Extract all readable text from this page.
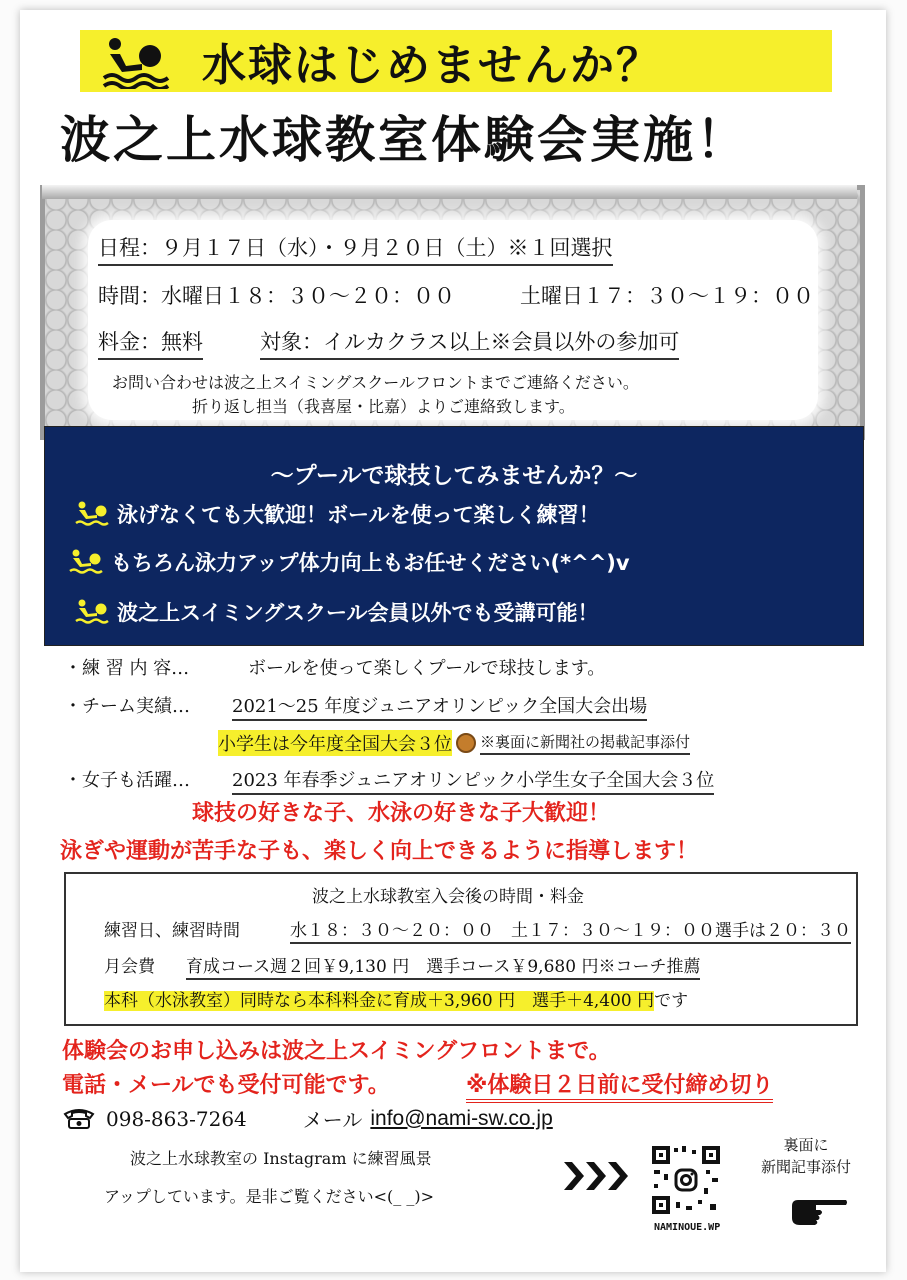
水球はじめませんか？
波之上水球教室体験会実施！
日程：９月１７日（水）・９月２０日（土）※１回選択
時間：水曜日１８：３０～２０：００	土曜日１７：３０～１９：００
料金：無料	対象：イルカクラス以上※会員以外の参加可
お問い合わせは波之上スイミングスクールフロントまでご連絡ください。
折り返し担当（我喜屋・比嘉）よりご連絡致します。
～プールで球技してみませんか？～
泳げなくても大歓迎！ボールを使って楽しく練習！
もちろん泳力アップ体力向上もお任せください(*^^)v
波之上スイミングスクール会員以外でも受講可能！
・練 習 内 容…	ボールを使って楽しくプールで球技します。
・チーム実績… 2021～25 年度ジュニアオリンピック全国大会出場
小学生は今年度全国大会３位 ※裏面に新聞社の掲載記事添付
・女子も活躍… 2023 年春季ジュニアオリンピック小学生女子全国大会３位
球技の好きな子、水泳の好きな子大歓迎！
泳ぎや運動が苦手な子も、楽しく向上できるように指導します！
波之上水球教室入会後の時間・料金
練習日、練習時間	水１８：３０～２０：００　土１７：３０～１９：００選手は２０：３０
月会費 育成コース週２回￥9,130 円　選手コース￥9,680 円※コーチ推薦
本科（水泳教室）同時なら本科料金に育成＋3,960 円　選手＋4,400 円です
体験会のお申し込みは波之上スイミングフロントまで。
電話・メールでも受付可能です。	※体験日２日前に受付締め切り
098-863-7264	メール info@nami-sw.co.jp
波之上水球教室の Instagram に練習風景
アップしています。是非ご覧ください<(_ _)>
NAMINOUE.WP
裏面に
新聞記事添付
